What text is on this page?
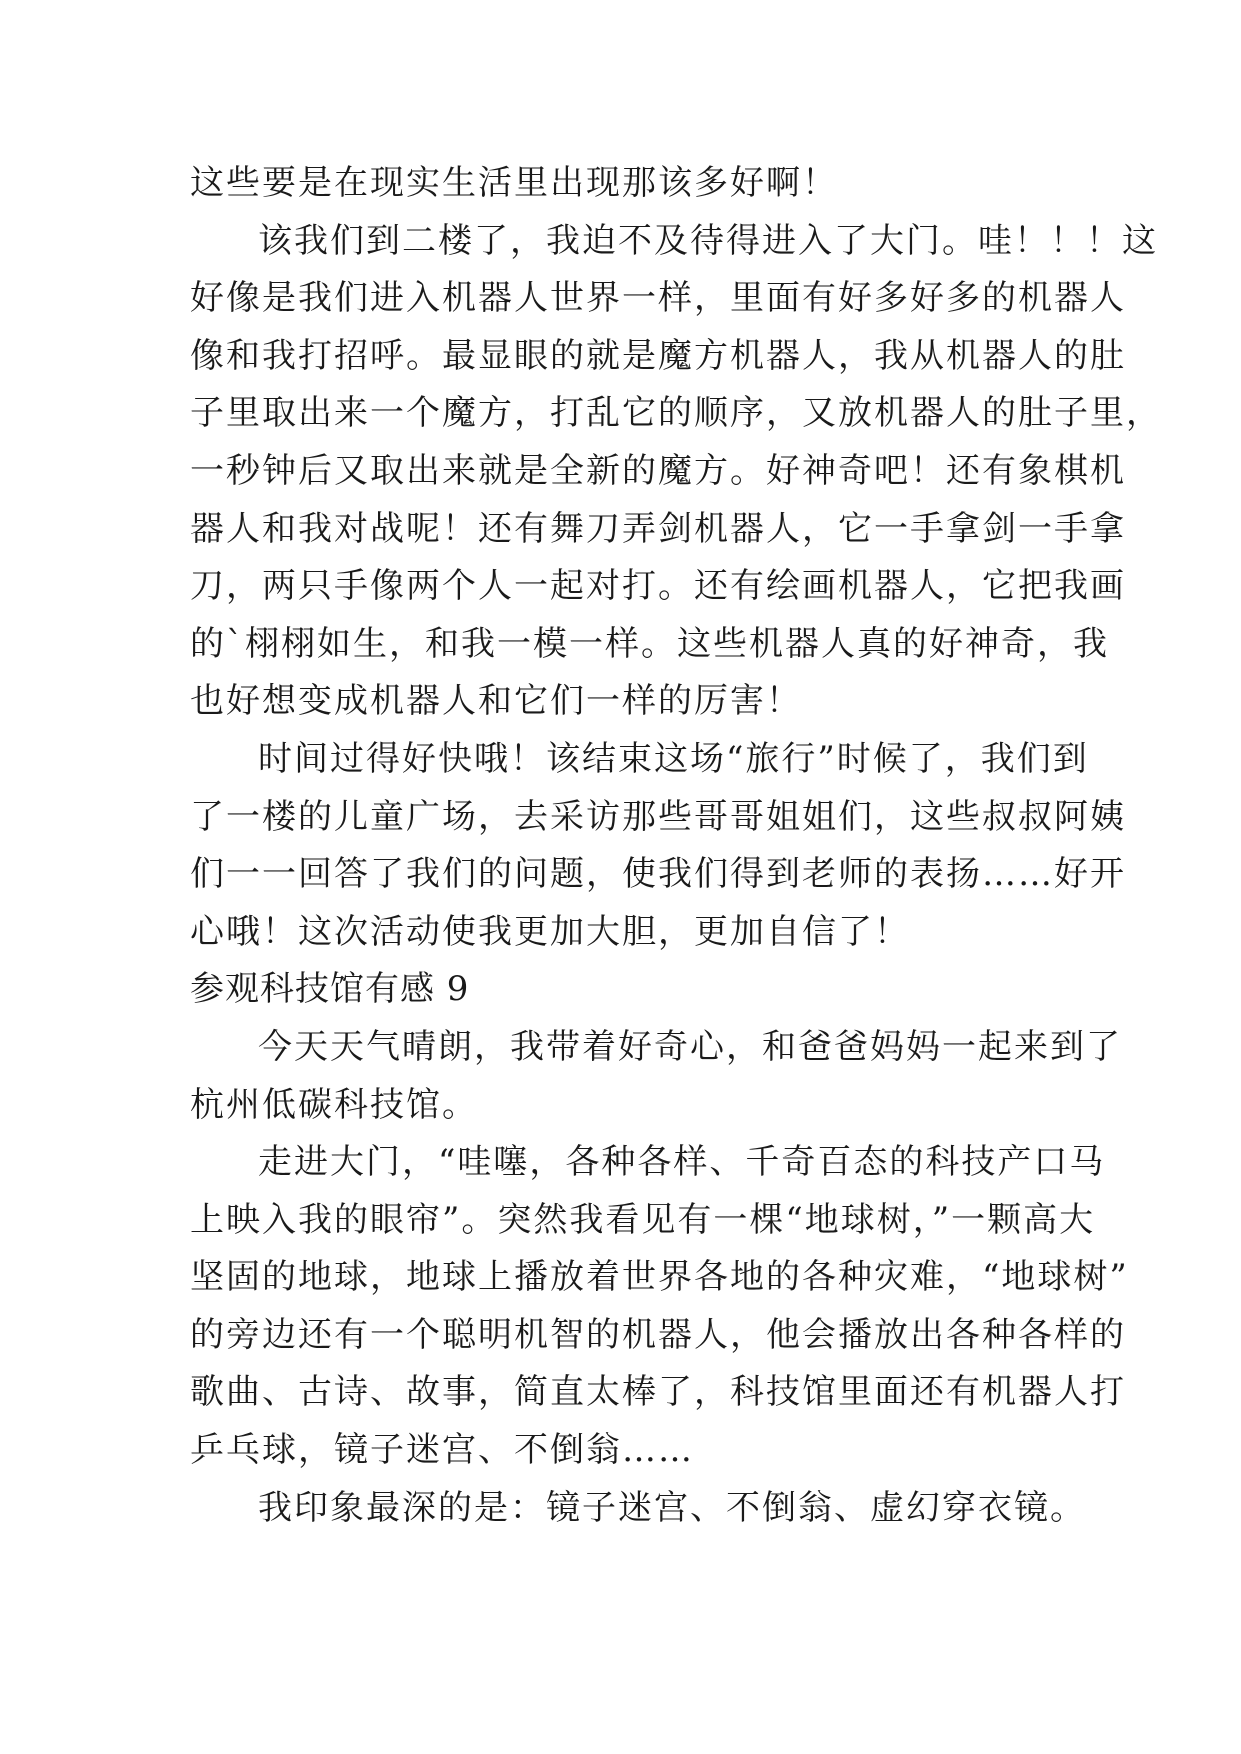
这些要是在现实生活里出现那该多好啊！
该我们到二楼了，我迫不及待得进入了大门。哇！！！这
好像是我们进入机器人世界一样，里面有好多好多的机器人
像和我打招呼。最显眼的就是魔方机器人，我从机器人的肚
子里取出来一个魔方，打乱它的顺序，又放机器人的肚子里，
一秒钟后又取出来就是全新的魔方。好神奇吧！还有象棋机
器人和我对战呢！还有舞刀弄剑机器人，它一手拿剑一手拿
刀，两只手像两个人一起对打。还有绘画机器人，它把我画
的`栩栩如生，和我一模一样。这些机器人真的好神奇，我
也好想变成机器人和它们一样的厉害！
时间过得好快哦！该结束这场“旅行”时候了，我们到
了一楼的儿童广场，去采访那些哥哥姐姐们，这些叔叔阿姨
们一一回答了我们的问题，使我们得到老师的表扬……好开
心哦！这次活动使我更加大胆，更加自信了！
参观科技馆有感 9
今天天气晴朗，我带着好奇心，和爸爸妈妈一起来到了
杭州低碳科技馆。
走进大门，“哇噻，各种各样、千奇百态的科技产口马
上映入我的眼帘”。突然我看见有一棵“地球树，”一颗高大
坚固的地球，地球上播放着世界各地的各种灾难，“地球树”
的旁边还有一个聪明机智的机器人，他会播放出各种各样的
歌曲、古诗、故事，简直太棒了，科技馆里面还有机器人打
乒乓球，镜子迷宫、不倒翁……
我印象最深的是：镜子迷宫、不倒翁、虚幻穿衣镜。
